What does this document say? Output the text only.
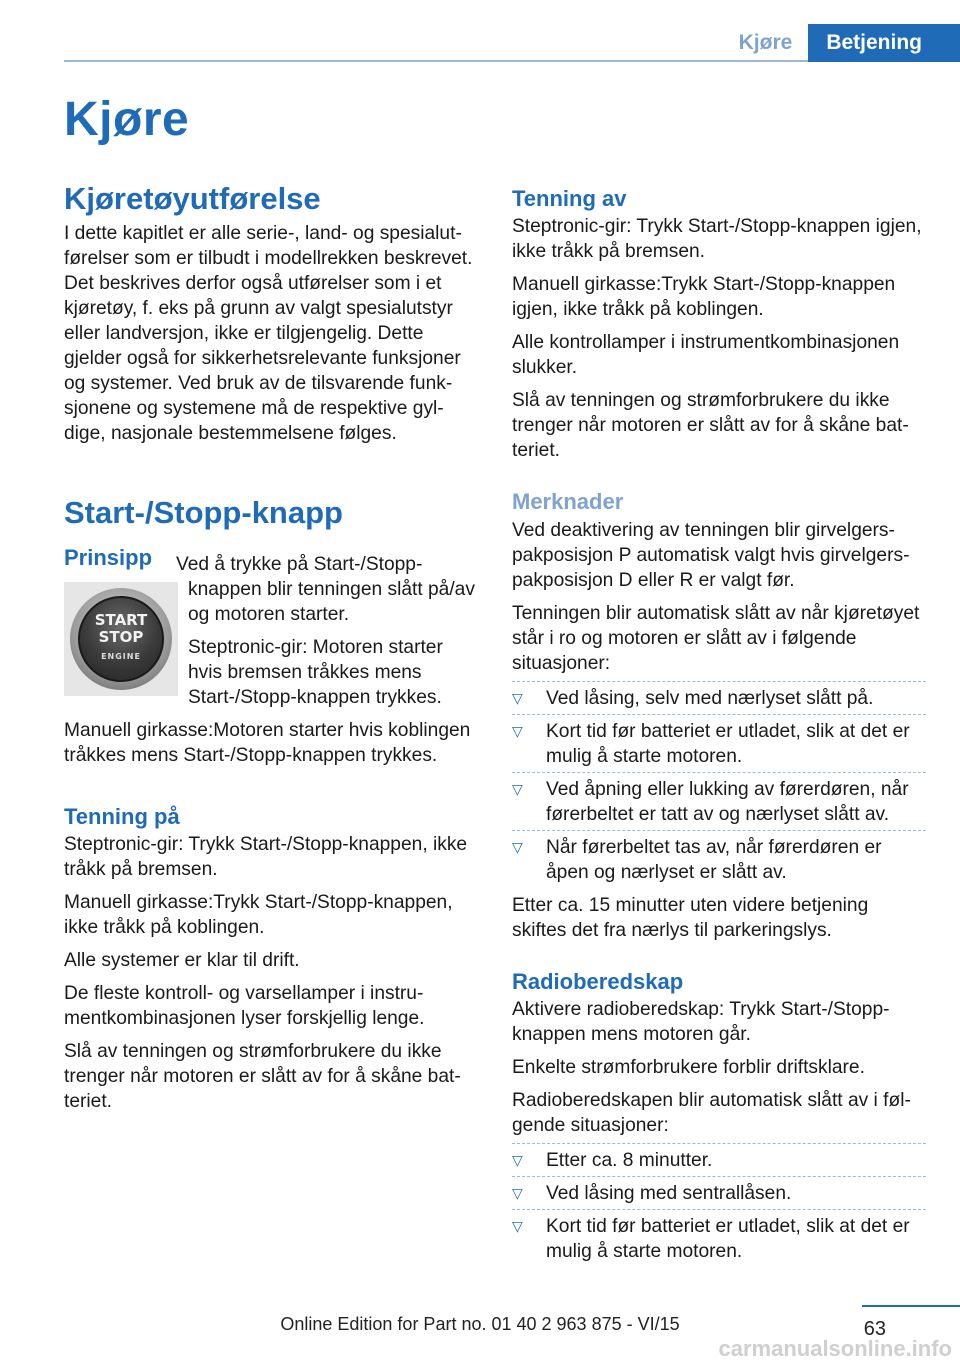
Kjøre	Betjening
Kjøre
Kjøretøyutførelse

I dette kapitlet er alle serie-, land- og spesialutførelser som er tilbudt i modellrekken beskrevet. Det beskrives derfor også utførelser som i et kjøretøy, f. eks på grunn av valgt spesialutstyr eller landversjon, ikke er tilgjengelig. Dette gjelder også for sikkerhetsrelevante funksjoner og systemer. Ved bruk av de tilsvarende funksjonene og systemene må de respektive gyldige, nasjonale bestemmelsene følges.

Start-/Stopp-knapp
Prinsipp
START
STOP
ENGINE

Ved å trykke på Start-/Stopp-knappen blir tenningen slått på/av og motoren starter.

Steptronic-gir: Motoren starter hvis bremsen tråkkes mens Start-/Stopp-knappen trykkes.

Manuell girkasse:Motoren starter hvis koblingen tråkkes mens Start-/Stopp-knappen trykkes.

Tenning på

Steptronic-gir: Trykk Start-/Stopp-knappen, ikke tråkk på bremsen.

Manuell girkasse:Trykk Start-/Stopp-knappen, ikke tråkk på koblingen.

Alle systemer er klar til drift.

De fleste kontroll- og varsellamper i instrumentkombinasjonen lyser forskjellig lenge.

Slå av tenningen og strømforbrukere du ikke trenger når motoren er slått av for å skåne batteriet.

Tenning av

Steptronic-gir: Trykk Start-/Stopp-knappen igjen, ikke tråkk på bremsen.

Manuell girkasse:Trykk Start-/Stopp-knappen igjen, ikke tråkk på koblingen.

Alle kontrollamper i instrumentkombinasjonen slukker.

Slå av tenningen og strømforbrukere du ikke trenger når motoren er slått av for å skåne batteriet.

Merknader

Ved deaktivering av tenningen blir girvelgerspakposisjon P automatisk valgt hvis girvelgerspakposisjon D eller R er valgt før.

Tenningen blir automatisk slått av når kjøretøyet står i ro og motoren er slått av i følgende situasjoner:

▽ Ved låsing, selv med nærlyset slått på.
▽ Kort tid før batteriet er utladet, slik at det er mulig å starte motoren.
▽ Ved åpning eller lukking av førerdøren, når førerbeltet er tatt av og nærlyset slått av.
▽ Når førerbeltet tas av, når førerdøren er åpen og nærlyset er slått av.

Etter ca. 15 minutter uten videre betjening skiftes det fra nærlys til parkeringslys.

Radioberedskap

Aktivere radioberedskap: Trykk Start-/Stopp-knappen mens motoren går.

Enkelte strømforbrukere forblir driftsklare.

Radioberedskapen blir automatisk slått av i følgende situasjoner:

▽ Etter ca. 8 minutter.
▽ Ved låsing med sentrallåsen.
▽ Kort tid før batteriet er utladet, slik at det er mulig å starte motoren.
63
Online Edition for Part no. 01 40 2 963 875 - VI/15
carmanualsonline.info
